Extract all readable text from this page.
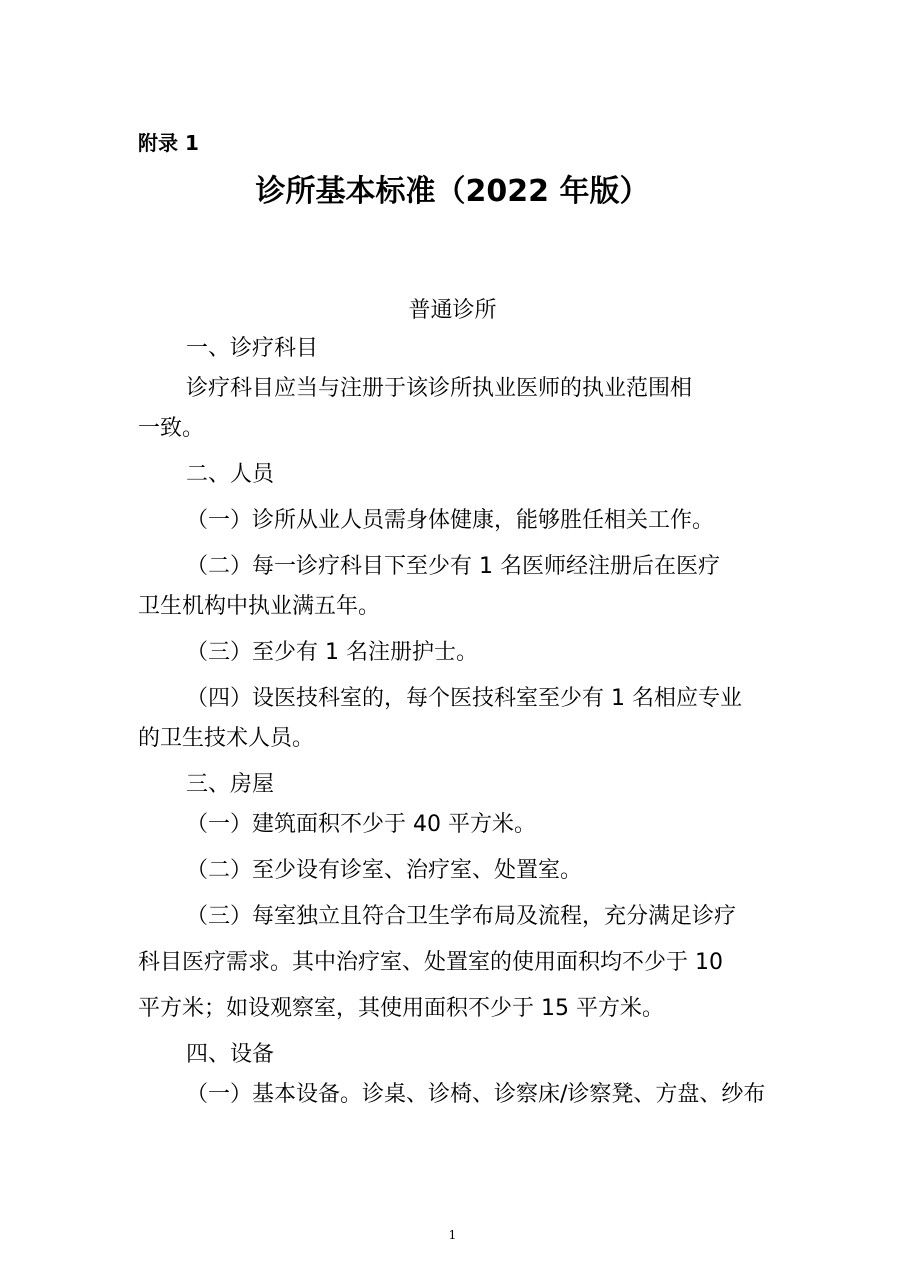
附录 1
诊所基本标准（2022 年版）
普通诊所
一、诊疗科目
诊疗科目应当与注册于该诊所执业医师的执业范围相
一致。
二、人员
（一）诊所从业人员需身体健康，能够胜任相关工作。
（二）每一诊疗科目下至少有 1 名医师经注册后在医疗
卫生机构中执业满五年。
（三）至少有 1 名注册护士。
（四）设医技科室的，每个医技科室至少有 1 名相应专业
的卫生技术人员。
三、房屋
（一）建筑面积不少于 40 平方米。
（二）至少设有诊室、治疗室、处置室。
（三）每室独立且符合卫生学布局及流程，充分满足诊疗
科目医疗需求。其中治疗室、处置室的使用面积均不少于 10
平方米；如设观察室，其使用面积不少于 15 平方米。
四、设备
（一）基本设备。诊桌、诊椅、诊察床/诊察凳、方盘、纱布
1
